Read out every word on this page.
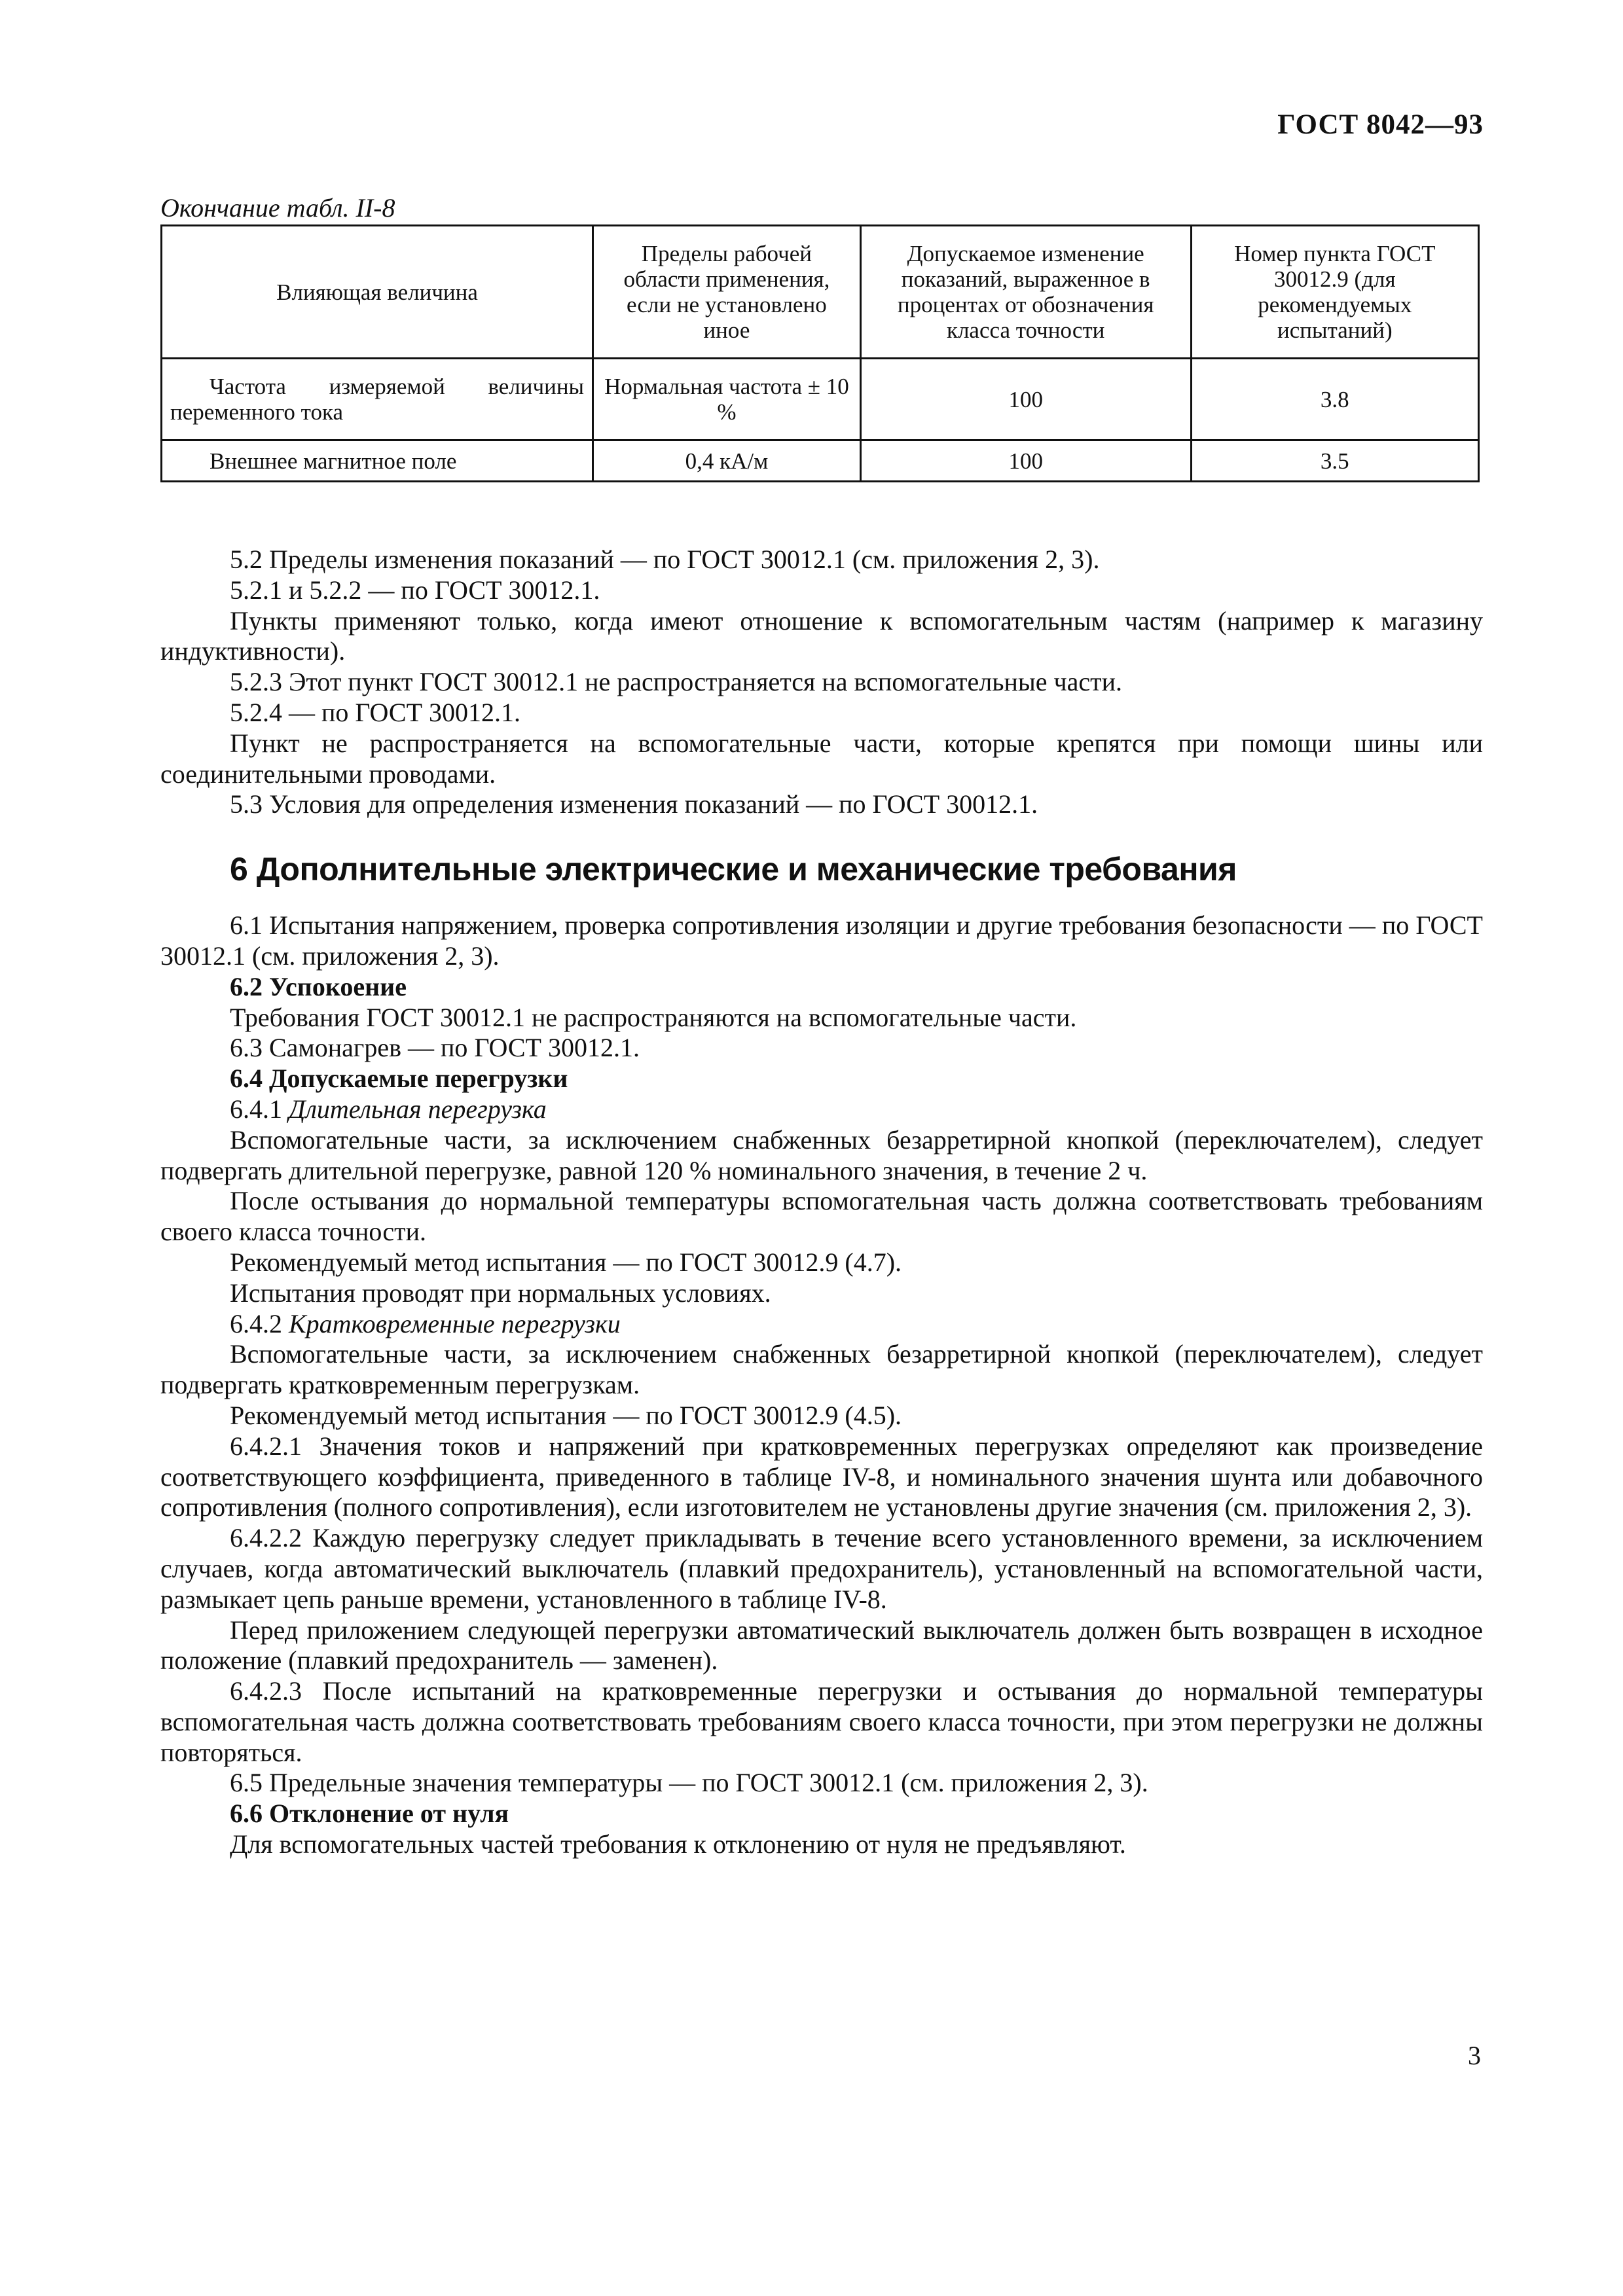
ГОСТ 8042—93
Окончание табл. II-8
Влияющая величина	Пределы рабочей области применения, если не установлено иное	Допускаемое изменение показаний, выраженное в процентах от обозначения класса точности	Номер пункта ГОСТ 30012.9 (для рекомендуемых испытаний)
Частота измеряемой величины переменного тока	Нормальная частота ± 10 %	100	3.8
Внешнее магнитное поле	0,4 кА/м	100	3.5

5.2 Пределы изменения показаний — по ГОСТ 30012.1 (см. приложения 2, 3).

5.2.1 и 5.2.2 — по ГОСТ 30012.1.

Пункты применяют только, когда имеют отношение к вспомогательным частям (например к магазину индуктивности).

5.2.3 Этот пункт ГОСТ 30012.1 не распространяется на вспомогательные части.

5.2.4 — по ГОСТ 30012.1.

Пункт не распространяется на вспомогательные части, которые крепятся при помощи шины или соединительными проводами.

5.3 Условия для определения изменения показаний — по ГОСТ 30012.1.

6 Дополнительные электрические и механические требования

6.1 Испытания напряжением, проверка сопротивления изоляции и другие требования безопасности — по ГОСТ 30012.1 (см. приложения 2, 3).

6.2 Успокоение

Требования ГОСТ 30012.1 не распространяются на вспомогательные части.

6.3 Самонагрев — по ГОСТ 30012.1.

6.4 Допускаемые перегрузки

6.4.1 Длительная перегрузка

Вспомогательные части, за исключением снабженных безарретирной кнопкой (переключателем), следует подвергать длительной перегрузке, равной 120 % номинального значения, в течение 2 ч.

После остывания до нормальной температуры вспомогательная часть должна соответствовать требованиям своего класса точности.

Рекомендуемый метод испытания — по ГОСТ 30012.9 (4.7).

Испытания проводят при нормальных условиях.

6.4.2 Кратковременные перегрузки

Вспомогательные части, за исключением снабженных безарретирной кнопкой (переключателем), следует подвергать кратковременным перегрузкам.

Рекомендуемый метод испытания — по ГОСТ 30012.9 (4.5).

6.4.2.1 Значения токов и напряжений при кратковременных перегрузках определяют как произведение соответствующего коэффициента, приведенного в таблице IV-8, и номинального значения шунта или добавочного сопротивления (полного сопротивления), если изготовителем не установлены другие значения (см. приложения 2, 3).

6.4.2.2 Каждую перегрузку следует прикладывать в течение всего установленного времени, за исключением случаев, когда автоматический выключатель (плавкий предохранитель), установленный на вспомогательной части, размыкает цепь раньше времени, установленного в таблице IV-8.

Перед приложением следующей перегрузки автоматический выключатель должен быть возвращен в исходное положение (плавкий предохранитель — заменен).

6.4.2.3 После испытаний на кратковременные перегрузки и остывания до нормальной температуры вспомогательная часть должна соответствовать требованиям своего класса точности, при этом перегрузки не должны повторяться.

6.5 Предельные значения температуры — по ГОСТ 30012.1 (см. приложения 2, 3).

6.6 Отклонение от нуля

Для вспомогательных частей требования к отклонению от нуля не предъявляют.

3
